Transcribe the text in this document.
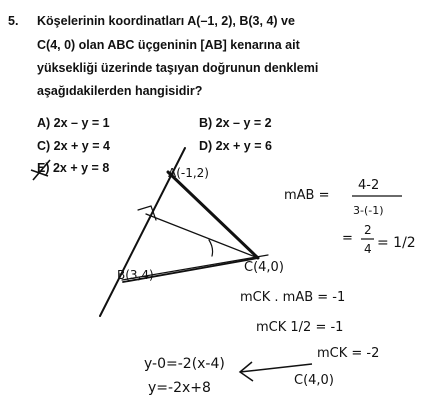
5. Köşelerinin koordinatları A(–1, 2), B(3, 4) ve
C(4, 0) olan ABC üçgeninin [AB] kenarına ait
yüksekliği üzerinde taşıyan doğrunun denklemi
aşağıdakilerden hangisidir?
A) 2x – y = 1	B) 2x – y = 2
C) 2x + y = 4	D) 2x + y = 6
E) 2x + y = 8	A(-1,2)
B(3,4)	C(4,0)
mAB =
4-2
3-(-1)
=
2
4 = 1/2
mCK . mAB = -1
mCK 1/2 = -1
mCK = -2
C(4,0)
y-0=-2(x-4)
y=-2x+8
